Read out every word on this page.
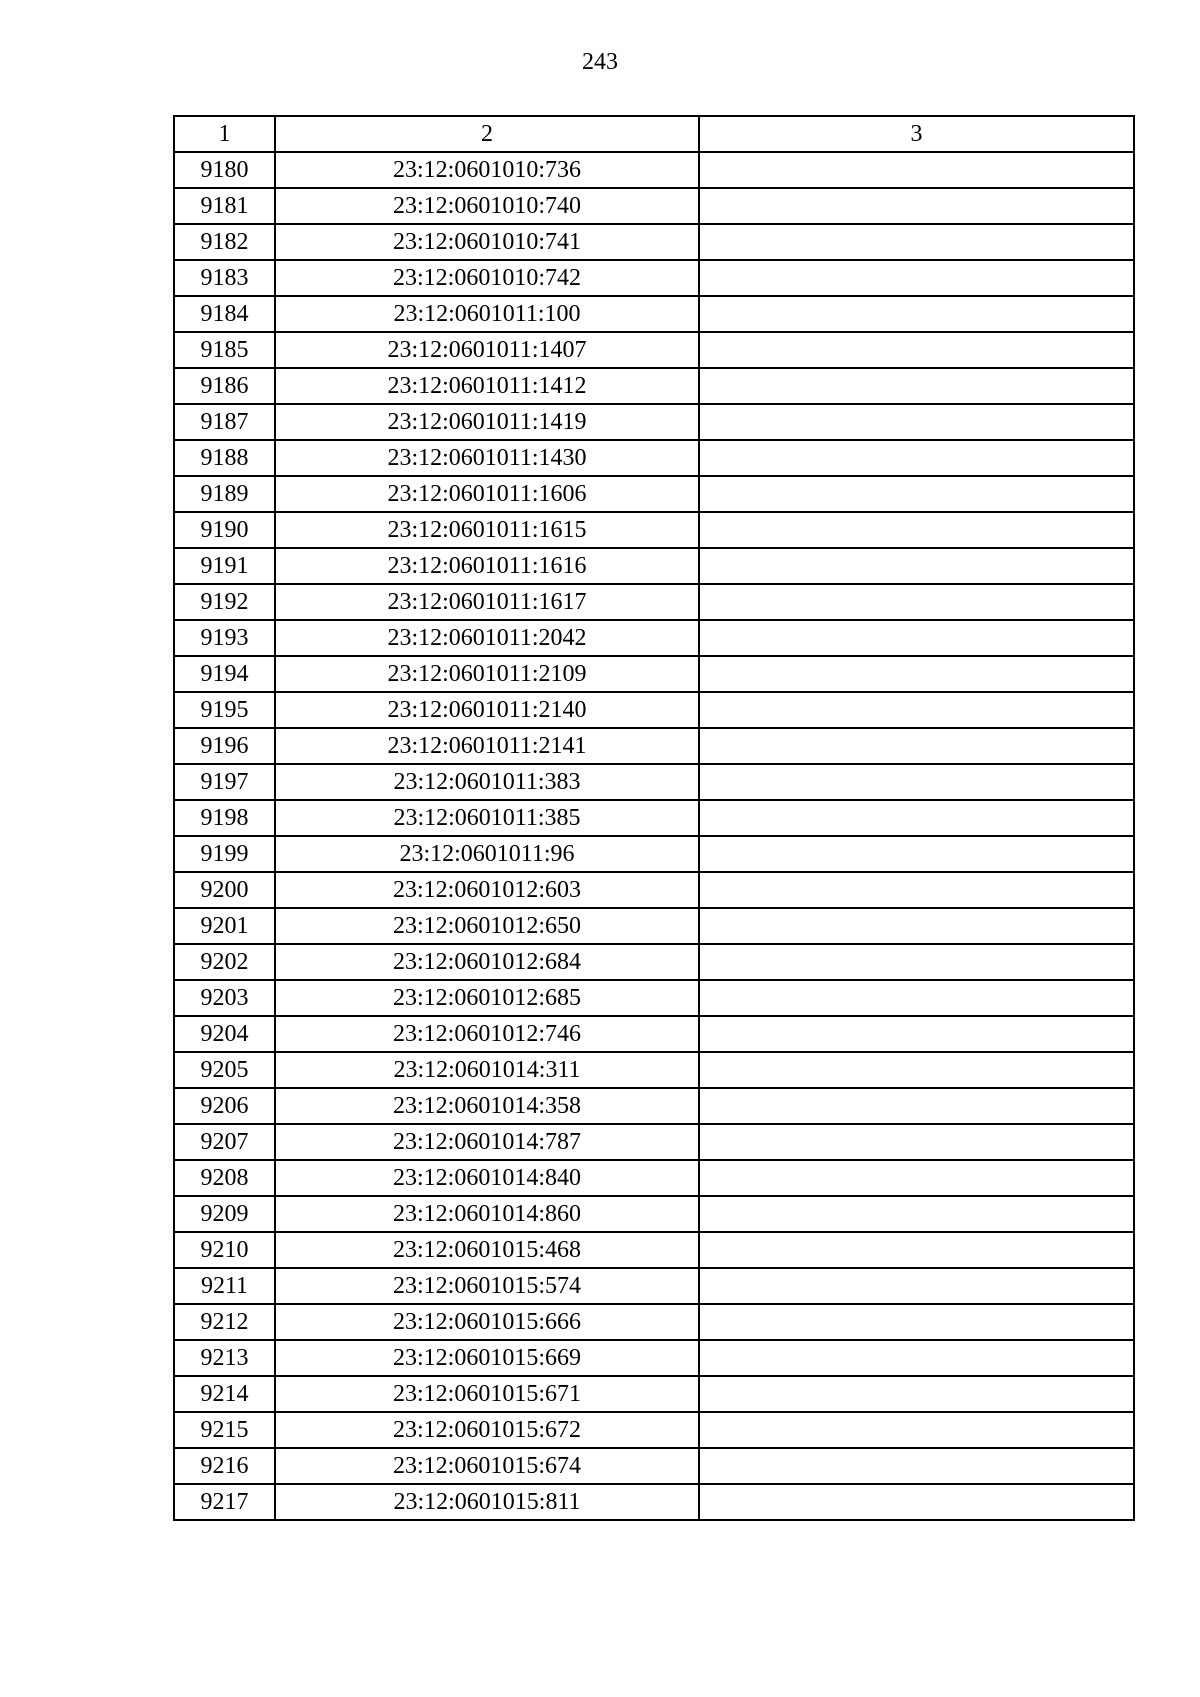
243
1	2	3
9180	23:12:0601010:736	
9181	23:12:0601010:740	
9182	23:12:0601010:741	
9183	23:12:0601010:742	
9184	23:12:0601011:100	
9185	23:12:0601011:1407	
9186	23:12:0601011:1412	
9187	23:12:0601011:1419	
9188	23:12:0601011:1430	
9189	23:12:0601011:1606	
9190	23:12:0601011:1615	
9191	23:12:0601011:1616	
9192	23:12:0601011:1617	
9193	23:12:0601011:2042	
9194	23:12:0601011:2109	
9195	23:12:0601011:2140	
9196	23:12:0601011:2141	
9197	23:12:0601011:383	
9198	23:12:0601011:385	
9199	23:12:0601011:96	
9200	23:12:0601012:603	
9201	23:12:0601012:650	
9202	23:12:0601012:684	
9203	23:12:0601012:685	
9204	23:12:0601012:746	
9205	23:12:0601014:311	
9206	23:12:0601014:358	
9207	23:12:0601014:787	
9208	23:12:0601014:840	
9209	23:12:0601014:860	
9210	23:12:0601015:468	
9211	23:12:0601015:574	
9212	23:12:0601015:666	
9213	23:12:0601015:669	
9214	23:12:0601015:671	
9215	23:12:0601015:672	
9216	23:12:0601015:674	
9217	23:12:0601015:811	
